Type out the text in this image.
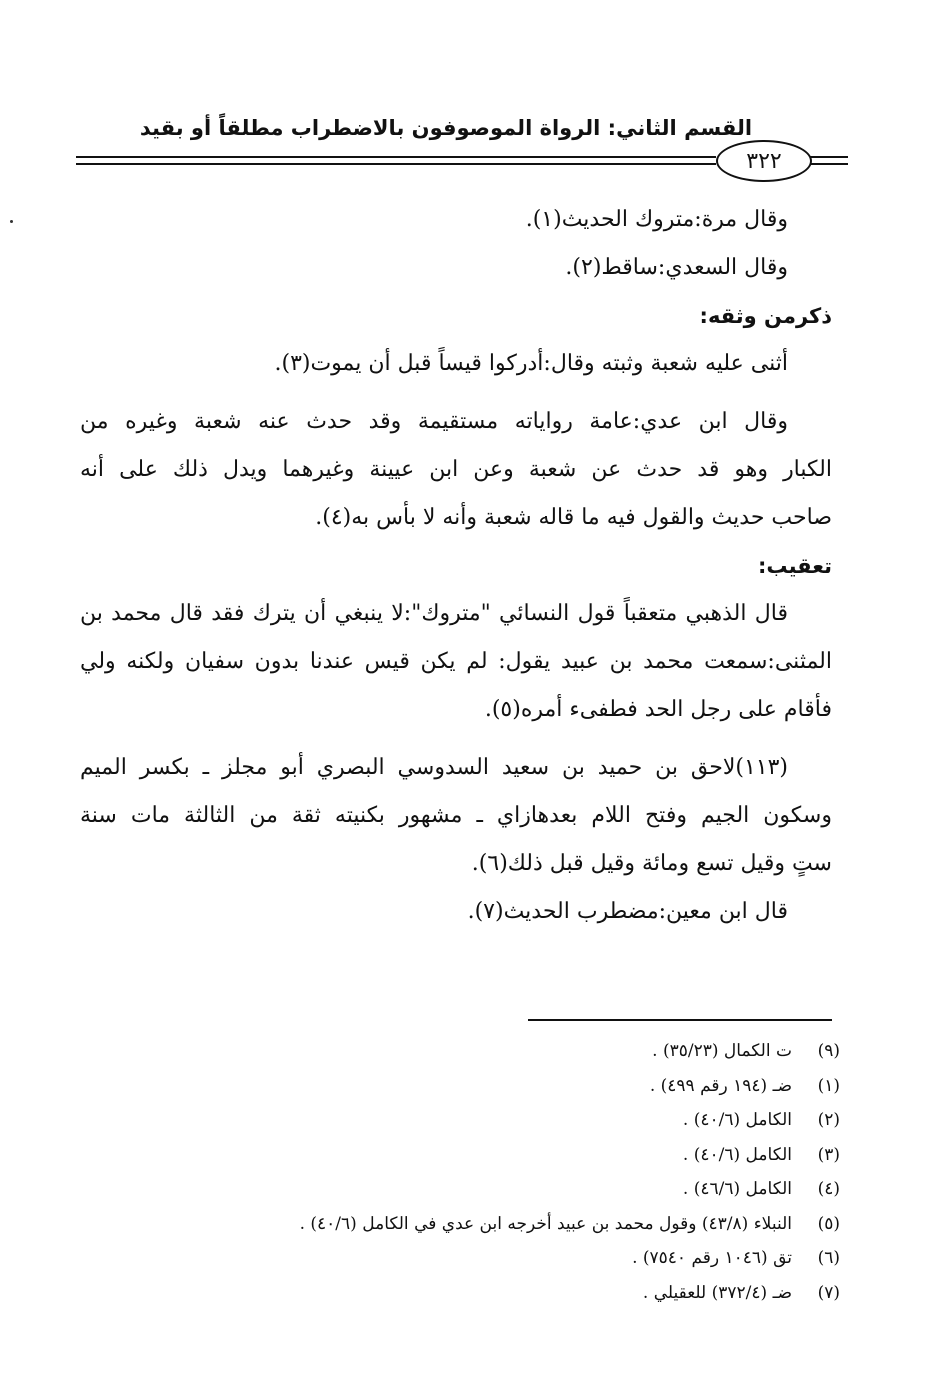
القسم الثاني: الرواة الموصوفون بالاضطراب مطلقاً أو بقيد
٣٢٢
وقال مرة:متروك الحديث(١).
وقال السعدي:ساقط(٢).
ذكرمن وثقه:
أثنى عليه شعبة وثبته وقال:أدركوا قيساً قبل أن يموت(٣).
وقال ابن عدي:عامة رواياته مستقيمة وقد حدث عنه شعبة وغيره من
الكبار وهو قد حدث عن شعبة وعن ابن عيينة وغيرهما ويدل ذلك على أنه
صاحب حديث والقول فيه ما قاله شعبة وأنه لا بأس به(٤).
تعقيب:
قال الذهبي متعقباً قول النسائي "متروك":لا ينبغي أن يترك فقد قال محمد بن
المثنى:سمعت محمد بن عبيد يقول: لم يكن قيس عندنا بدون سفيان ولكنه ولي
فأقام على رجل الحد فطفىء أمره(٥).
(١١٣)لاحق بن حميد بن سعيد السدوسي البصري أبو مجلز ـ بكسر الميم
وسكون الجيم وفتح اللام بعدهازاي ـ مشهور بكنيته ثقة من الثالثة مات سنة
ستٍ وقيل تسع ومائة وقيل قبل ذلك(٦).
قال ابن معين:مضطرب الحديث(٧).
(٩)ت الكمال (٣٥/٢٣) .
(١)ضـ (١٩٤ رقم ٤٩٩) .
(٢)الكامل (٤٠/٦) .
(٣)الكامل (٤٠/٦) .
(٤)الكامل (٤٦/٦) .
(٥)النبلاء (٤٣/٨) وقول محمد بن عبيد أخرجه ابن عدي في الكامل (٤٠/٦) .
(٦)تق (١٠٤٦ رقم ٧٥٤٠) .
(٧)ضـ (٣٧٢/٤) للعقيلي .
